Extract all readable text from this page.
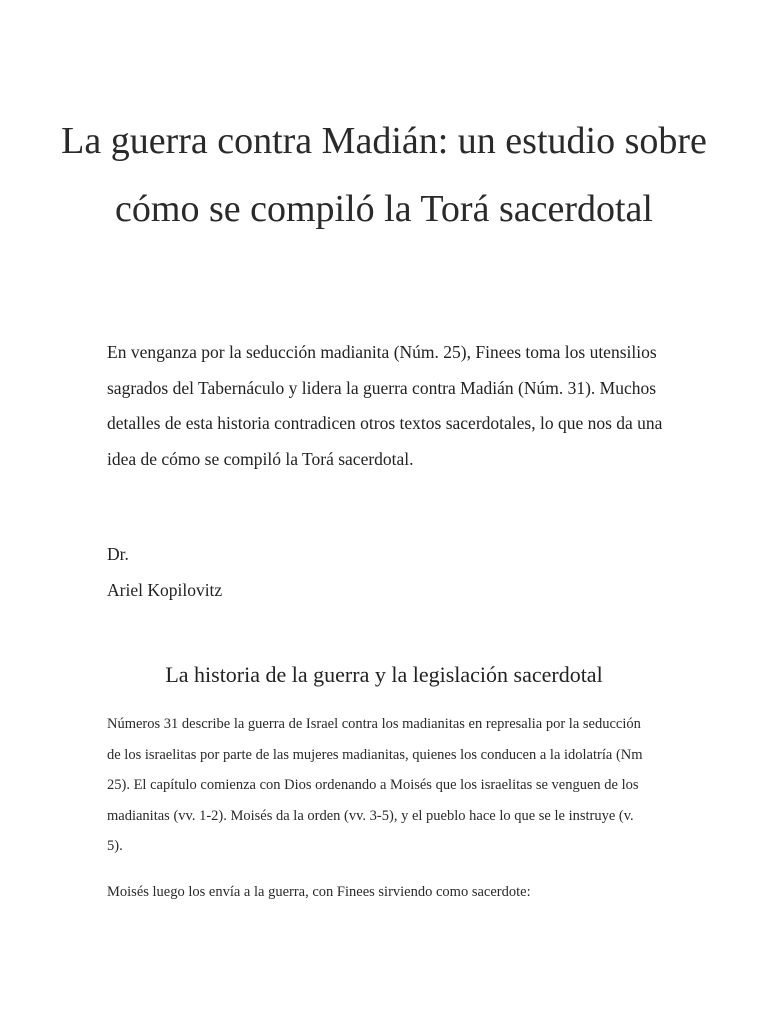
La guerra contra Madián: un estudio sobre cómo se compiló la Torá sacerdotal

En venganza por la seducción madianita (Núm. 25), Finees toma los utensilios sagrados del Tabernáculo y lidera la guerra contra Madián (Núm. 31). Muchos detalles de esta historia contradicen otros textos sacerdotales, lo que nos da una idea de cómo se compiló la Torá sacerdotal.

Dr.
Ariel Kopilovitz
La historia de la guerra y la legislación sacerdotal

Números 31 describe la guerra de Israel contra los madianitas en represalia por la seducción de los israelitas por parte de las mujeres madianitas, quienes los conducen a la idolatría (Nm 25). El capítulo comienza con Dios ordenando a Moisés que los israelitas se venguen de los madianitas (vv. 1-2). Moisés da la orden (vv. 3-5), y el pueblo hace lo que se le instruye (v. 5).

Moisés luego los envía a la guerra, con Finees sirviendo como sacerdote:
